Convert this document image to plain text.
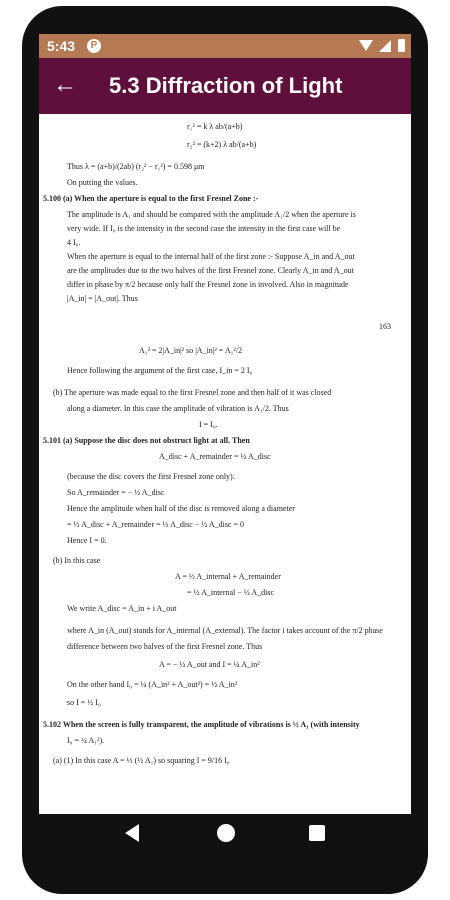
5:43	P
← 5.3 Diffraction of Light
r₁² = k λ ab/(a+b)
r₂² = (k+2) λ ab/(a+b)
Thus λ = (a+b)/(2ab) (r₂² − r₁²) = 0.598 μm
On putting the values.
5.100 (a) When the aperture is equal to the first Fresnel Zone :-
The amplitude is A₁ and should be compared with the amplitude A₁/2 when the aperture is
very wide. If I₀ is the intensity in the second case the intensity in the first case will be
4 I₀.
When the aperture is equal to the internal half of the first zone :- Suppose A_in and A_out
are the amplitudes due to the two halves of the first Fresnel zone. Clearly A_in and A_out
differ in phase by π/2 because only half the Fresnel zone in involved. Also in magnitude
|A_in| = |A_out|. Thus
163
A₁² = 2|A_in|² so |A_in|² = A₁²/2
Hence following the argument of the first case, I_in = 2 I₀
(b) The aperture was made equal to the first Fresnel zone and then half of it was closed
along a diameter. In this case the amplitude of vibration is A₁/2. Thus
I = I₀.
5.101 (a) Suppose the disc does not obstruct light at all. Then
A_disc + A_remainder = ½ A_disc
(because the disc covers the first Fresnel zone only).
So A_remainder = − ½ A_disc
Hence the amplitude when half of the disc is removed along a diameter
= ½ A_disc + A_remainder = ½ A_disc − ½ A_disc = 0
Hence I = 0.
(b) In this case
A = ½ A_internal + A_remainder
= ½ A_internal − ½ A_disc
We write A_disc = A_in + i A_out
where A_in (A_out) stands for A_internal (A_external). The factor i takes account of the π/2 phase
difference between two halves of the first Fresnel zone. Thus
A = − ½ A_out and I = ¼ A_in²
On the other hand I₀ = ¼ (A_in² + A_out²) = ½ A_in²
so I = ½ I₀
5.102 When the screen is fully transparent, the amplitude of vibrations is ½ A₁ (with intensity
I₀ = ¼ A₁²).
(a) (1) In this case A = ⅓ (½ A₁) so squaring I = 9/16 I₀
